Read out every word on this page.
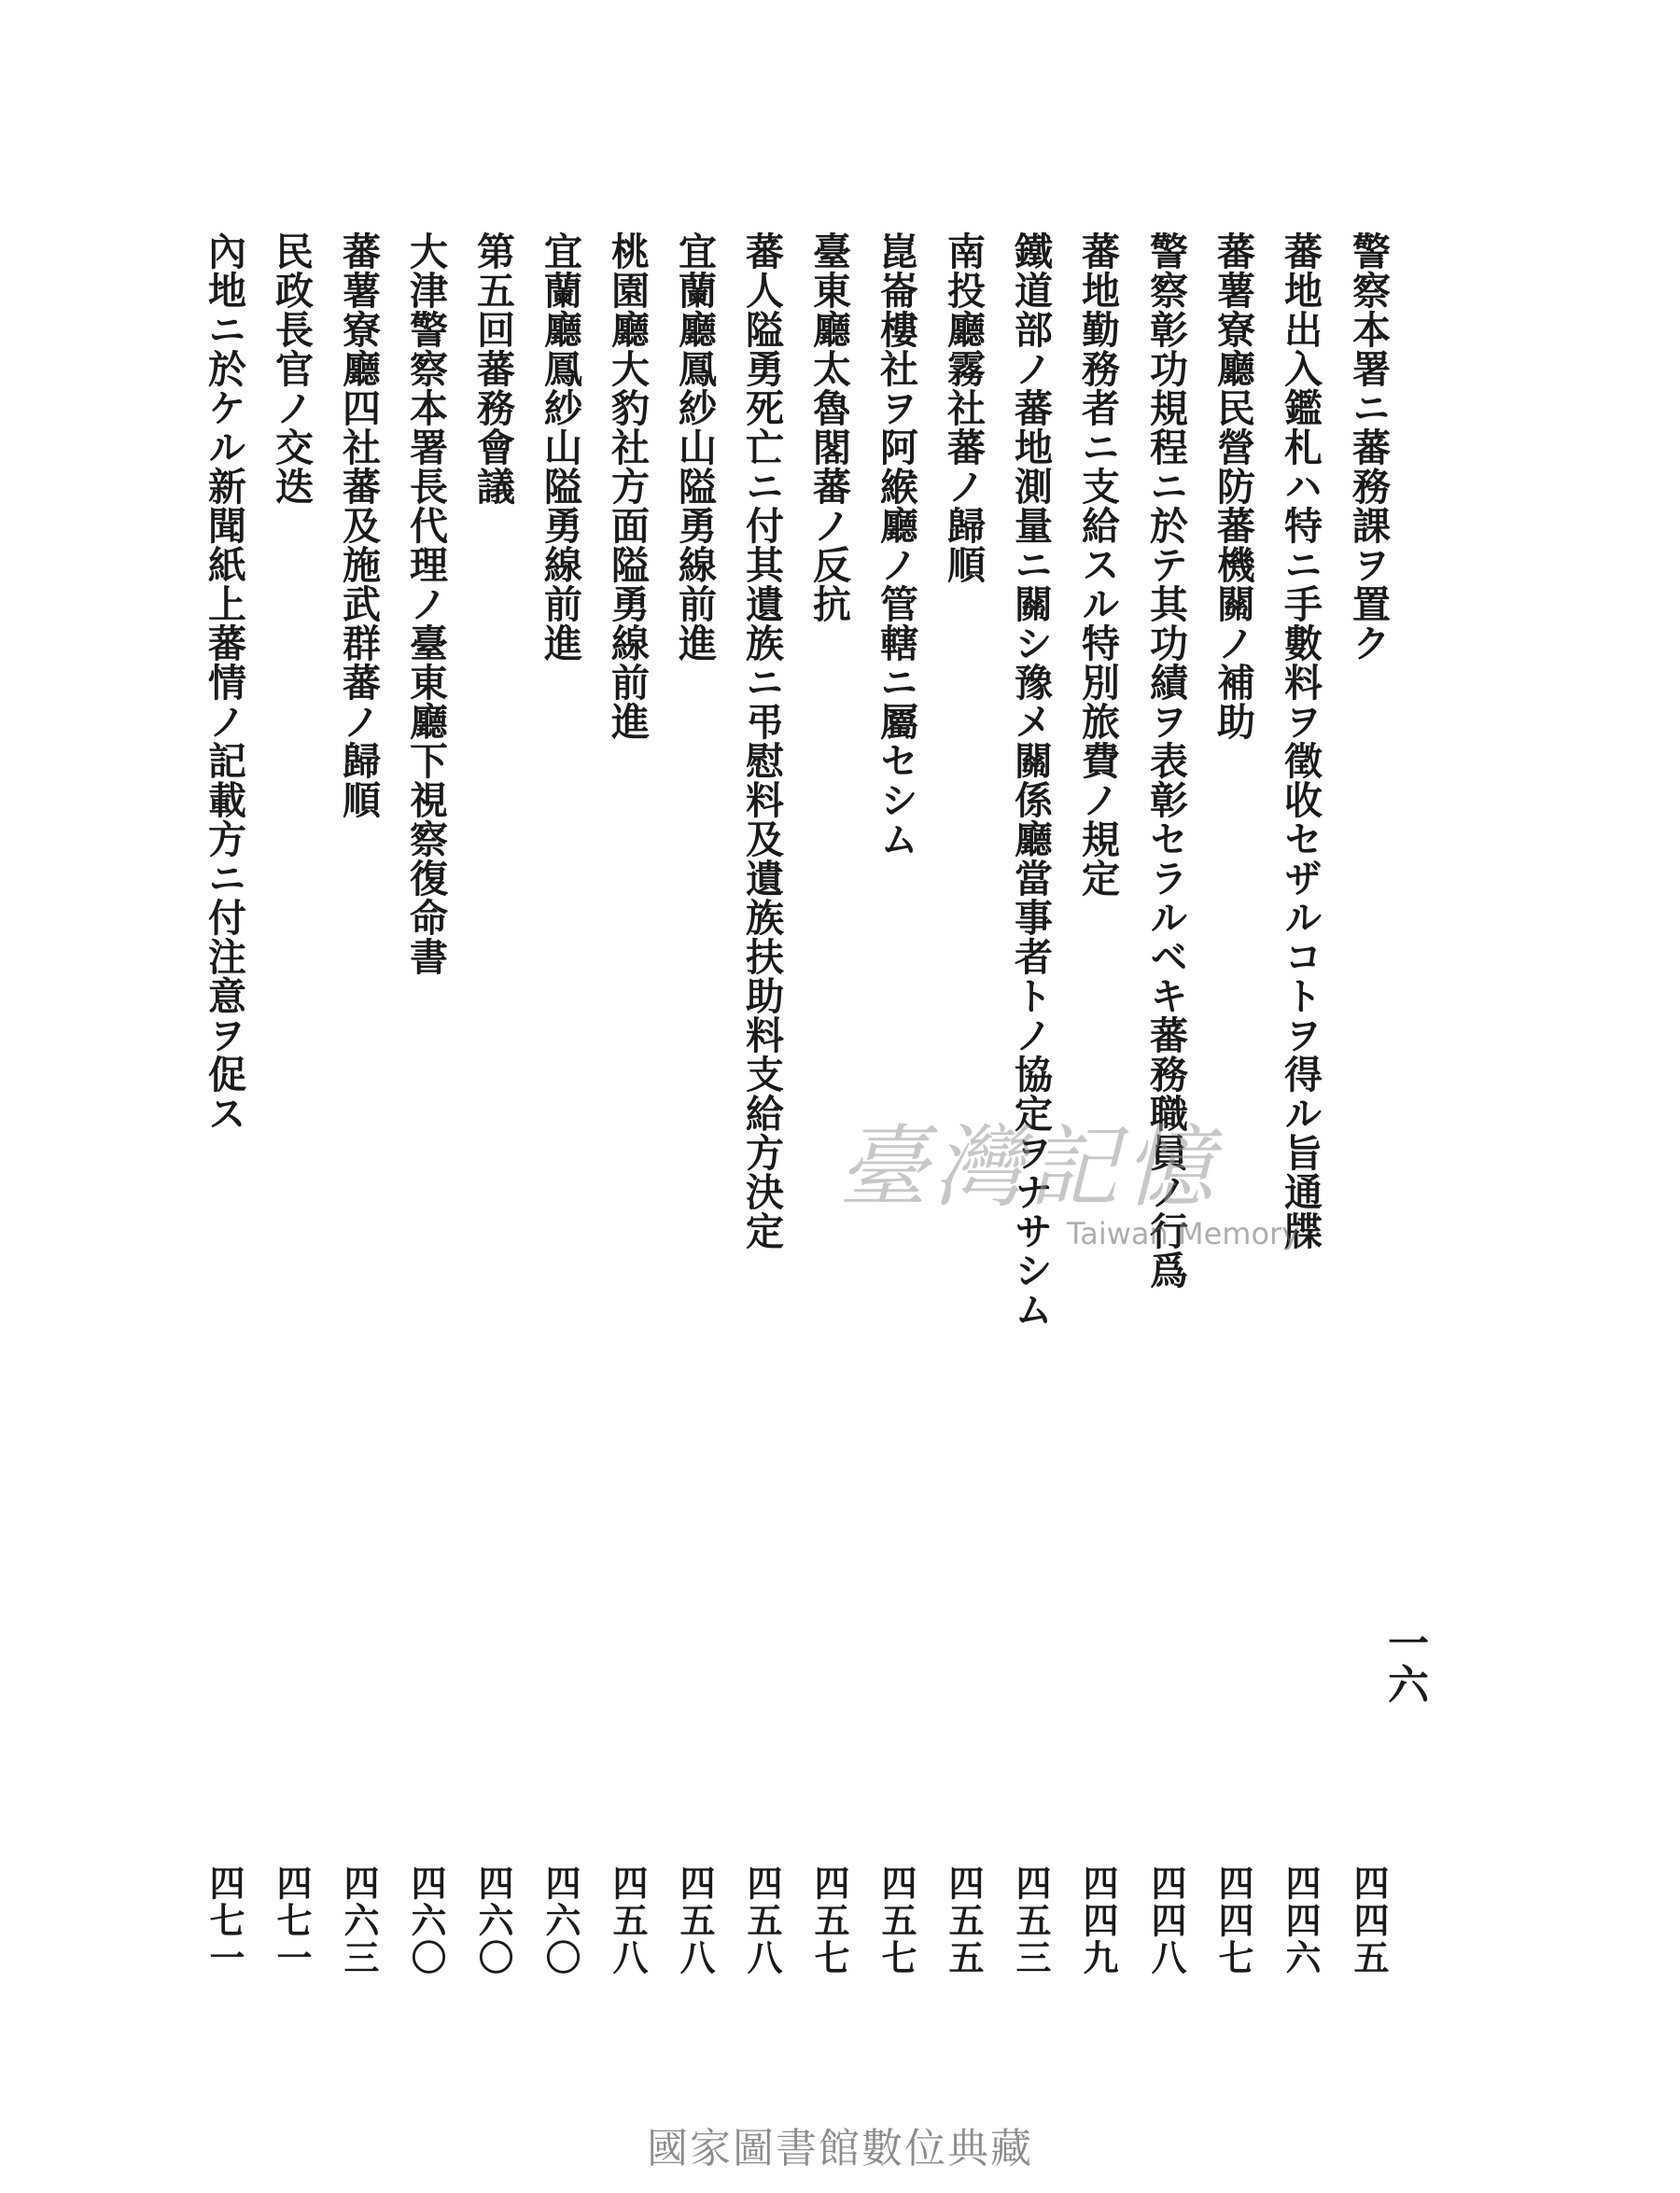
警察本署ニ蕃務課ヲ置ク
四四五
蕃地出入鑑札ハ特ニ手數料ヲ徵收セザルコトヲ得ル旨通牒
四四六
蕃薯寮廳民營防蕃機關ノ補助
四四七
警察彰功規程ニ於テ其功績ヲ表彰セラルベキ蕃務職員ノ行爲
四四八
蕃地勤務者ニ支給スル特別旅費ノ規定
四四九
鐵道部ノ蕃地測量ニ關シ豫メ關係廳當事者トノ協定ヲナサシム
四五三
南投廳霧社蕃ノ歸順
四五五
崑崙樓社ヲ阿緱廳ノ管轄ニ屬セシム
四五七
臺東廳太魯閣蕃ノ反抗
四五七
蕃人隘勇死亡ニ付其遺族ニ弔慰料及遺族扶助料支給方決定
四五八
宜蘭廳鳳紗山隘勇線前進
四五八
桃園廳大豹社方面隘勇線前進
四五八
宜蘭廳鳳紗山隘勇線前進
四六〇
第五回蕃務會議
四六〇
大津警察本署長代理ノ臺東廳下視察復命書
四六〇
蕃薯寮廳四社蕃及施武群蕃ノ歸順
四六三
民政長官ノ交迭
四七一
內地ニ於ケル新聞紙上蕃情ノ記載方ニ付注意ヲ促ス
四七一
一六
臺灣記憶
Taiwan Memory
國家圖書館數位典藏
